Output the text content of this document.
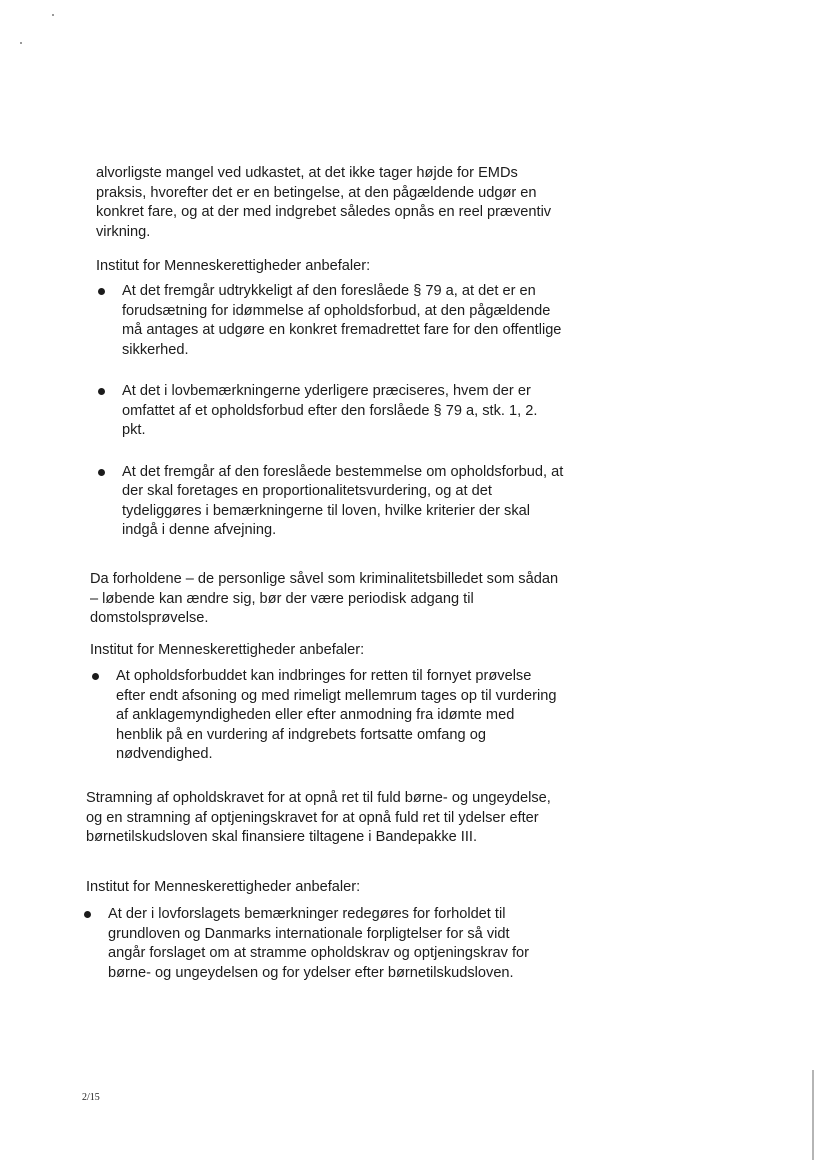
alvorligste mangel ved udkastet, at det ikke tager højde for EMDs praksis, hvorefter det er en betingelse, at den pågældende udgør en konkret fare, og at der med indgrebet således opnås en reel præventiv virkning.

Institut for Menneskerettigheder anbefaler:

At det fremgår udtrykkeligt af den foreslåede § 79 a, at det er en forudsætning for idømmelse af opholdsforbud, at den pågældende må antages at udgøre en konkret fremadrettet fare for den offentlige sikkerhed.
At det i lovbemærkningerne yderligere præciseres, hvem der er omfattet af et opholdsforbud efter den forslåede § 79 a, stk. 1, 2. pkt.
At det fremgår af den foreslåede bestemmelse om opholdsforbud, at der skal foretages en proportionalitetsvurdering, og at det tydeliggøres i bemærkningerne til loven, hvilke kriterier der skal indgå i denne afvejning.

Da forholdene – de personlige såvel som kriminalitetsbilledet som sådan – løbende kan ændre sig, bør der være periodisk adgang til domstolsprøvelse.

Institut for Menneskerettigheder anbefaler:

At opholdsforbuddet kan indbringes for retten til fornyet prøvelse efter endt afsoning og med rimeligt mellemrum tages op til vurdering af anklagemyndigheden eller efter anmodning fra idømte med henblik på en vurdering af indgrebets fortsatte omfang og nødvendighed.

Stramning af opholdskravet for at opnå ret til fuld børne- og ungeydelse, og en stramning af optjeningskravet for at opnå fuld ret til ydelser efter børnetilskudsloven skal finansiere tiltagene i Bandepakke III.

Institut for Menneskerettigheder anbefaler:

At der i lovforslagets bemærkninger redegøres for forholdet til grundloven og Danmarks internationale forpligtelser for så vidt angår forslaget om at stramme opholdskrav og optjeningskrav for børne- og ungeydelsen og for ydelser efter børnetilskudsloven.
2/15
